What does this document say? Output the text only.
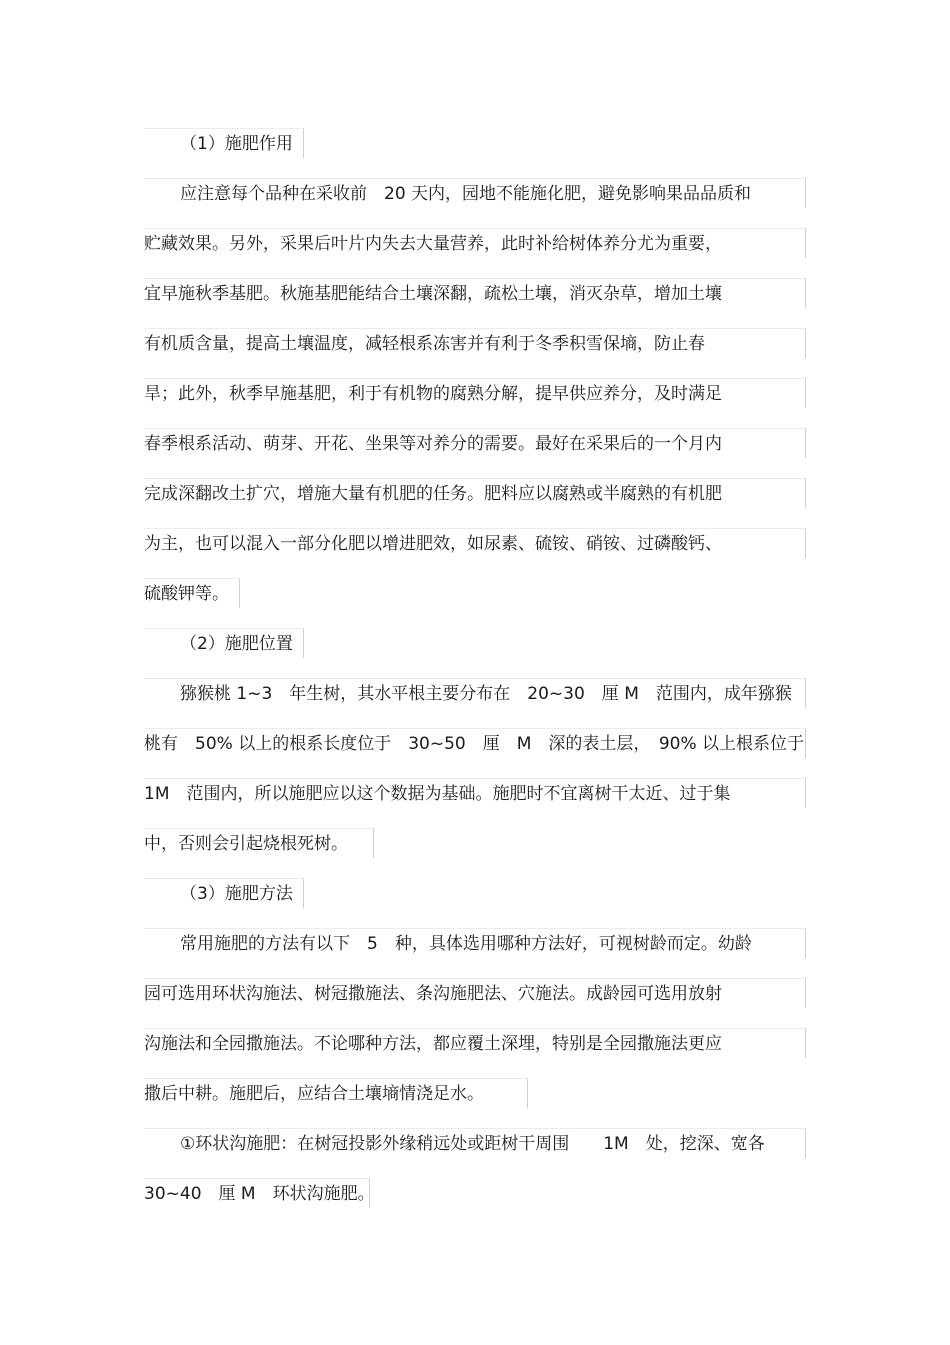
（1）施肥作用
应注意每个品种在采收前　20 天内，园地不能施化肥，避免影响果品品质和
贮藏效果。另外，采果后叶片内失去大量营养，此时补给树体养分尤为重要，
宜早施秋季基肥。秋施基肥能结合土壤深翻，疏松土壤，消灭杂草，增加土壤
有机质含量，提高土壤温度，减轻根系冻害并有利于冬季积雪保墒，防止春
旱；此外，秋季早施基肥，利于有机物的腐熟分解，提早供应养分，及时满足
春季根系活动、萌芽、开花、坐果等对养分的需要。最好在采果后的一个月内
完成深翻改土扩穴，增施大量有机肥的任务。肥料应以腐熟或半腐熟的有机肥
为主，也可以混入一部分化肥以增进肥效，如尿素、硫铵、硝铵、过磷酸钙、
硫酸钾等。
（2）施肥位置
猕猴桃 1~3　年生树，其水平根主要分布在　20~30　厘 M　范围内，成年猕猴
桃有　50% 以上的根系长度位于　30~50　厘　M　深的表土层，　90% 以上根系位于
1M　范围内，所以施肥应以这个数据为基础。施肥时不宜离树干太近、过于集
中，否则会引起烧根死树。
（3）施肥方法
常用施肥的方法有以下　5　种，具体选用哪种方法好，可视树龄而定。幼龄
园可选用环状沟施法、树冠撒施法、条沟施肥法、穴施法。成龄园可选用放射
沟施法和全园撒施法。不论哪种方法，都应覆土深埋，特别是全园撒施法更应
撒后中耕。施肥后，应结合土壤墒情浇足水。
①环状沟施肥：在树冠投影外缘稍远处或距树干周围　　1M　处，挖深、宽各
30~40　厘 M　环状沟施肥。
